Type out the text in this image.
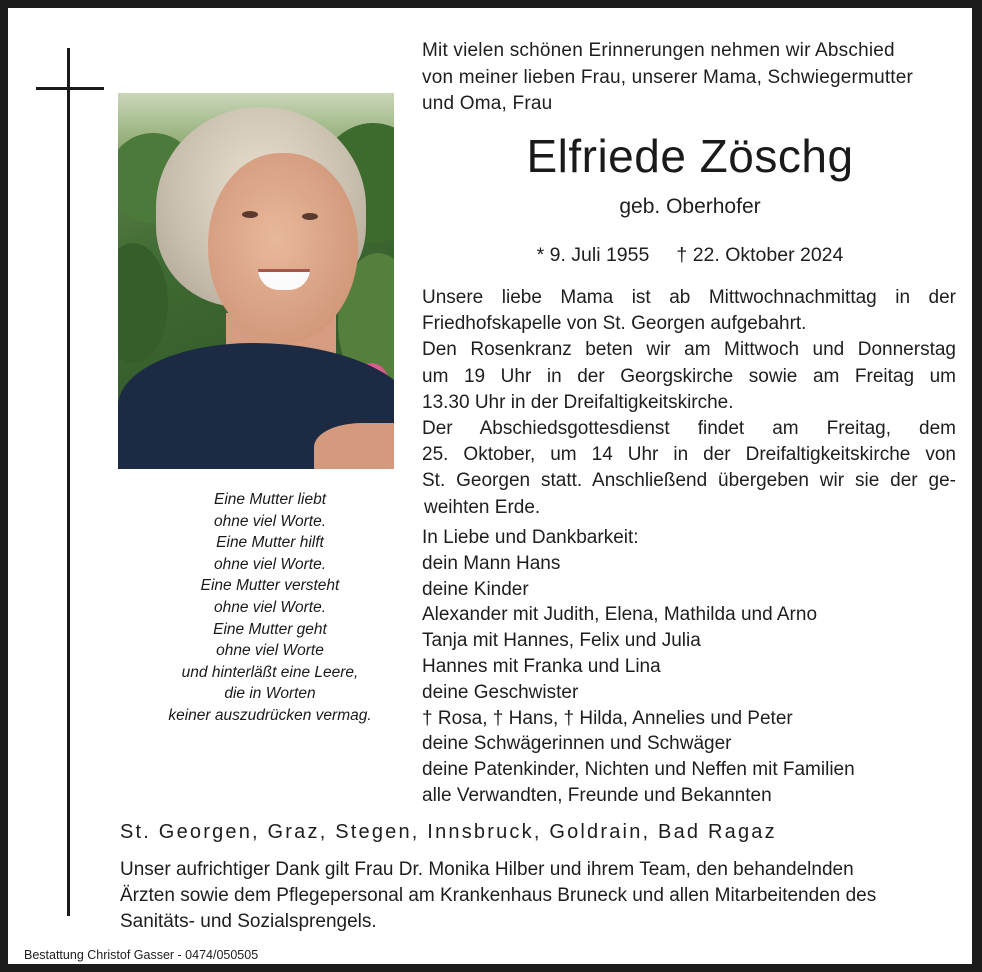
Eine Mutter liebt
ohne viel Worte.
Eine Mutter hilft
ohne viel Worte.
Eine Mutter versteht
ohne viel Worte.
Eine Mutter geht
ohne viel Worte
und hinterläßt eine Leere,
die in Worten
keiner auszudrücken vermag.
Mit vielen schönen Erinnerungen nehmen wir Abschied
von meiner lieben Frau, unserer Mama, Schwiegermutter
und Oma, Frau
Elfriede Zöschg
geb. Oberhofer
* 9. Juli 1955     † 22. Oktober 2024
Unsere liebe Mama ist ab Mittwochnachmittag in der
Friedhofskapelle von St. Georgen aufgebahrt.
Den Rosenkranz beten wir am Mittwoch und Donnerstag
um 19 Uhr in der Georgskirche sowie am Freitag um
13.30 Uhr in der Dreifaltigkeitskirche.
Der Abschiedsgottesdienst findet am Freitag, dem
25. Oktober, um 14 Uhr in der Dreifaltigkeitskirche von
St. Georgen statt. Anschließend übergeben wir sie der ge-
weihten Erde.
In Liebe und Dankbarkeit:
dein Mann Hans
deine Kinder
Alexander mit Judith, Elena, Mathilda und Arno
Tanja mit Hannes, Felix und Julia
Hannes mit Franka und Lina
deine Geschwister
† Rosa, † Hans, † Hilda, Annelies und Peter
deine Schwägerinnen und Schwäger
deine Patenkinder, Nichten und Neffen mit Familien
alle Verwandten, Freunde und Bekannten
St. Georgen, Graz, Stegen, Innsbruck, Goldrain, Bad Ragaz
Unser aufrichtiger Dank gilt Frau Dr. Monika Hilber und ihrem Team, den behandelnden
Ärzten sowie dem Pflegepersonal am Krankenhaus Bruneck und allen Mitarbeitenden des
Sanitäts- und Sozialsprengels.
Bestattung Christof Gasser - 0474/050505
